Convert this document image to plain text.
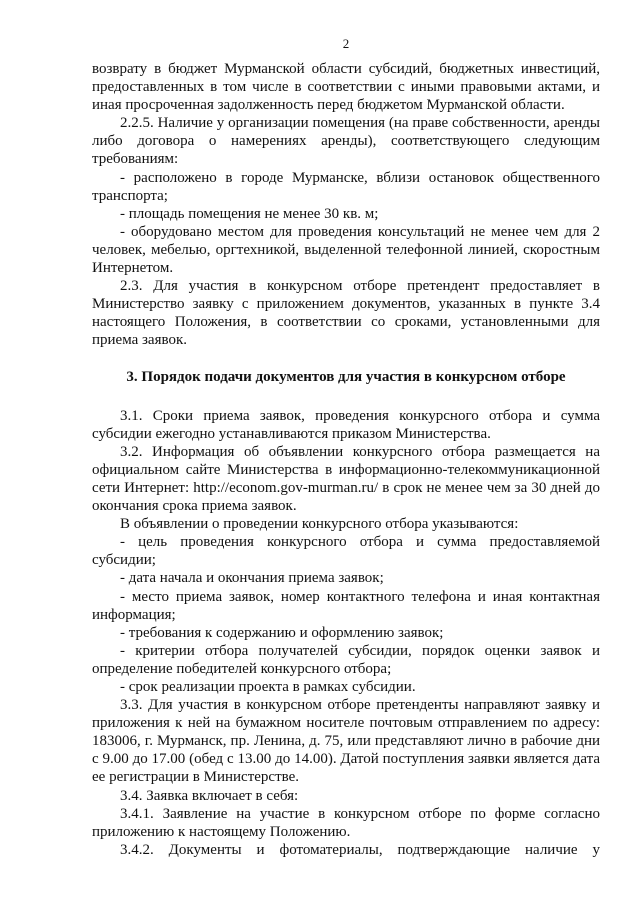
2

возврату в бюджет Мурманской области субсидий, бюджетных инвестиций, предоставленных в том числе в соответствии с иными правовыми актами, и иная просроченная задолженность перед бюджетом Мурманской области.

2.2.5. Наличие у организации помещения (на праве собственности, аренды либо договора о намерениях аренды), соответствующего следующим требованиям:

- расположено в городе Мурманске, вблизи остановок общественного транспорта;

- площадь помещения не менее 30 кв. м;

- оборудовано местом для проведения консультаций не менее чем для 2 человек, мебелью, оргтехникой, выделенной телефонной линией, скоростным Интернетом.

2.3. Для участия в конкурсном отборе претендент предоставляет в Министерство заявку с приложением документов, указанных в пункте 3.4 настоящего Положения, в соответствии со сроками, установленными для приема заявок.

3. Порядок подачи документов для участия в конкурсном отборе

3.1. Сроки приема заявок, проведения конкурсного отбора и сумма субсидии ежегодно устанавливаются приказом Министерства.

3.2. Информация об объявлении конкурсного отбора размещается на официальном сайте Министерства в информационно-телекоммуникационной сети Интернет: http://econom.gov-murman.ru/ в срок не менее чем за 30 дней до окончания срока приема заявок.

В объявлении о проведении конкурсного отбора указываются:

- цель проведения конкурсного отбора и сумма предоставляемой субсидии;

- дата начала и окончания приема заявок;

- место приема заявок, номер контактного телефона и иная контактная информация;

- требования к содержанию и оформлению заявок;

- критерии отбора получателей субсидии, порядок оценки заявок и определение победителей конкурсного отбора;

- срок реализации проекта в рамках субсидии.

3.3. Для участия в конкурсном отборе претенденты направляют заявку и приложения к ней на бумажном носителе почтовым отправлением по адресу: 183006, г. Мурманск, пр. Ленина, д. 75, или представляют лично в рабочие дни с 9.00 до 17.00 (обед с 13.00 до 14.00). Датой поступления заявки является дата ее регистрации в Министерстве.

3.4. Заявка включает в себя:

3.4.1. Заявление на участие в конкурсном отборе по форме согласно приложению к настоящему Положению.

3.4.2. Документы и фотоматериалы, подтверждающие наличие у
